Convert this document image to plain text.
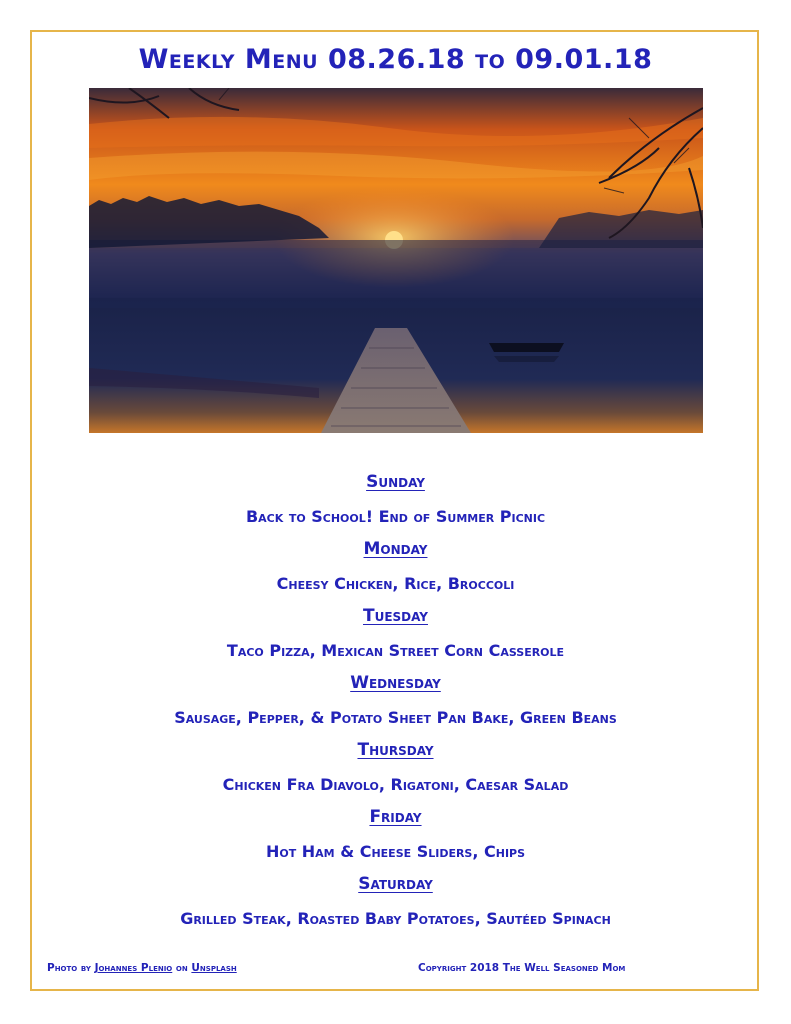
Weekly Menu 08.26.18 to 09.01.18
Sunday
Back to School! End of Summer Picnic
Monday
Cheesy Chicken, Rice, Broccoli
Tuesday
Taco Pizza, Mexican Street Corn Casserole
Wednesday
Sausage, Pepper, & Potato Sheet Pan Bake, Green Beans
Thursday
Chicken Fra Diavolo, Rigatoni, Caesar Salad
Friday
Hot Ham & Cheese Sliders, Chips
Saturday
Grilled Steak, Roasted Baby Potatoes, Sautéed Spinach
Photo by Johannes Plenio on Unsplash	Copyright 2018 The Well Seasoned Mom
